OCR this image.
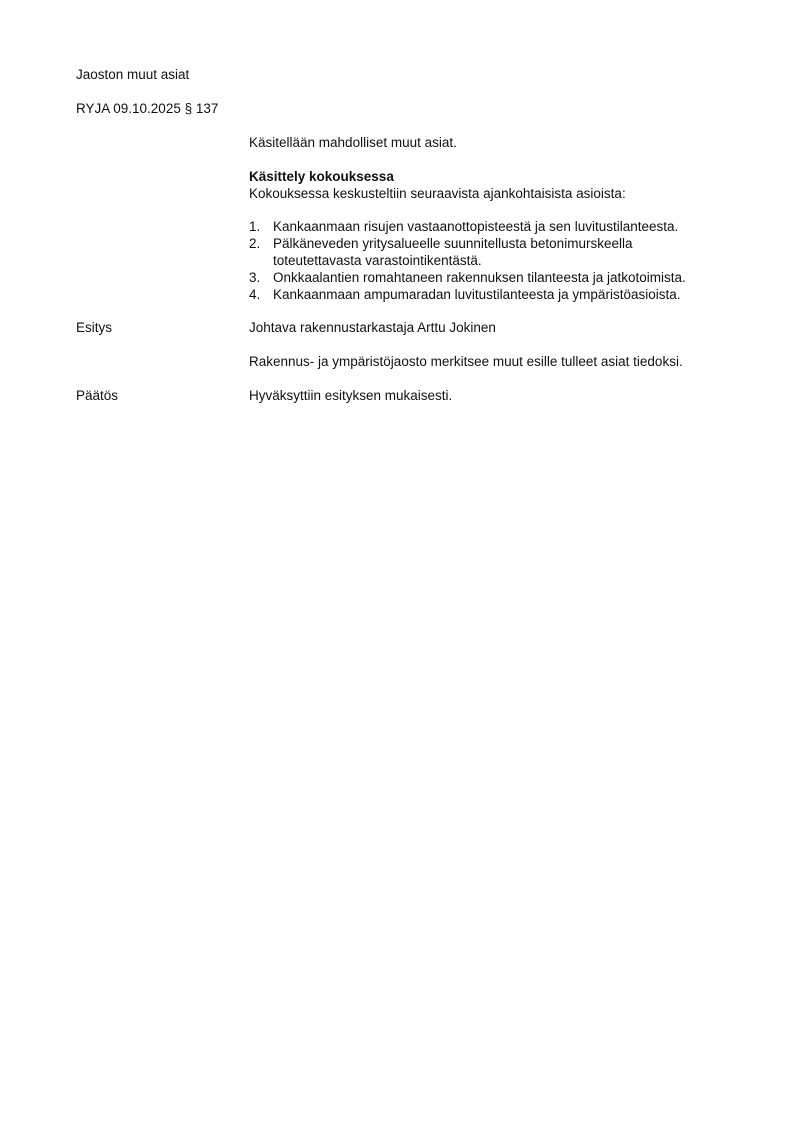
Jaoston muut asiat
RYJA 09.10.2025 § 137

Käsitellään mahdolliset muut asiat.

Käsittely kokouksessa

Kokouksessa keskusteltiin seuraavista ajankohtaisista asioista:

1. Kankaanmaan risujen vastaanottopisteestä ja sen luvitustilanteesta.
2. Pälkäneveden yritysalueelle suunnitellusta betonimurskeella toteutettavasta varastointikentästä.
3. Onkkaalantien romahtaneen rakennuksen tilanteesta ja jatkotoimista.
4. Kankaanmaan ampumaradan luvitustilanteesta ja ympäristöasioista.
Esitys	Johtava rakennustarkastaja Arttu Jokinen

Rakennus- ja ympäristöjaosto merkitsee muut esille tulleet asiat tiedoksi.

Päätös	Hyväksyttiin esityksen mukaisesti.
